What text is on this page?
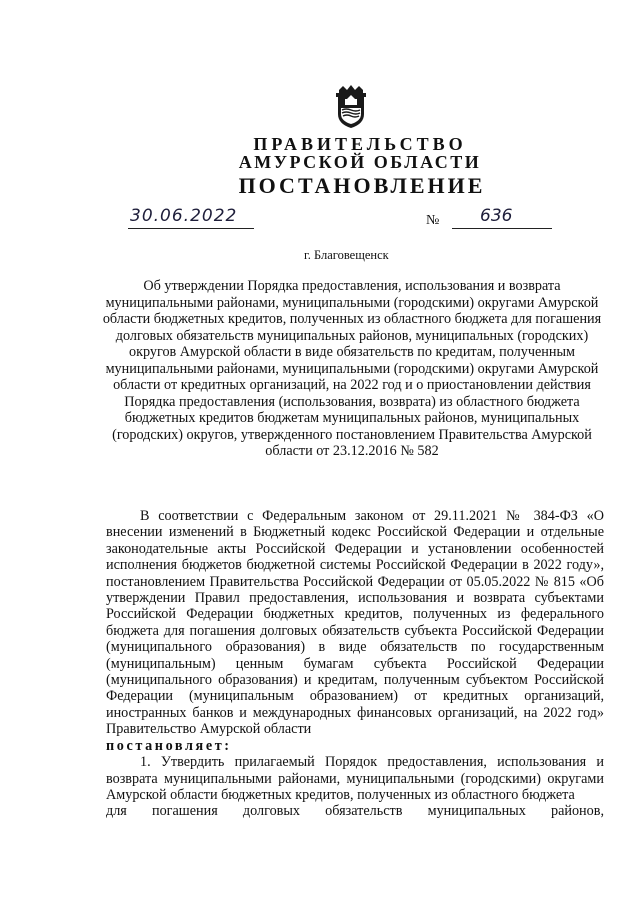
ПРАВИТЕЛЬСТВО
АМУРСКОЙ ОБЛАСТИ
ПОСТАНОВЛЕНИЕ
30.06.2022	№ 636
г. Благовещенск
Об утверждении Порядка предоставления, использования и возврата муниципальными районами, муниципальными (городскими) округами Амурской области бюджетных кредитов, полученных из областного бюджета для погашения долговых обязательств муниципальных районов, муниципальных (городских) округов Амурской области в виде обязательств по кредитам, полученным муниципальными районами, муниципальными (городскими) округами Амурской области от кредитных организаций, на 2022 год и о приостановлении действия Порядка предоставления (использования, возврата) из областного бюджета бюджетных кредитов бюджетам муниципальных районов, муниципальных (городских) округов, утвержденного постановлением Правительства Амурской области от 23.12.2016 № 582

В соответствии с Федеральным законом от 29.11.2021 № 384-ФЗ «О внесении изменений в Бюджетный кодекс Российской Федерации и отдельные законодательные акты Российской Федерации и установлении особенностей исполнения бюджетов бюджетной системы Российской Федерации в 2022 году», постановлением Правительства Российской Федерации от 05.05.2022 № 815 «Об утверждении Правил предоставления, использования и возврата субъектами Российской Федерации бюджетных кредитов, полученных из федерального бюджета для погашения долговых обязательств субъекта Российской Федерации (муниципального образования) в виде обязательств по государственным (муниципальным) ценным бумагам субъекта Российской Федерации (муниципального образования) и кредитам, полученным субъектом Российской Федерации (муниципальным образованием) от кредитных организаций, иностранных банков и международных финансовых организаций, на 2022 год» Правительство Амурской области

постановляет:

1. Утвердить прилагаемый Порядок предоставления, использования и возврата муниципальными районами, муниципальными (городскими) округами Амурской области бюджетных кредитов, полученных из областного бюджета

для погашения долговых обязательств муниципальных районов,
